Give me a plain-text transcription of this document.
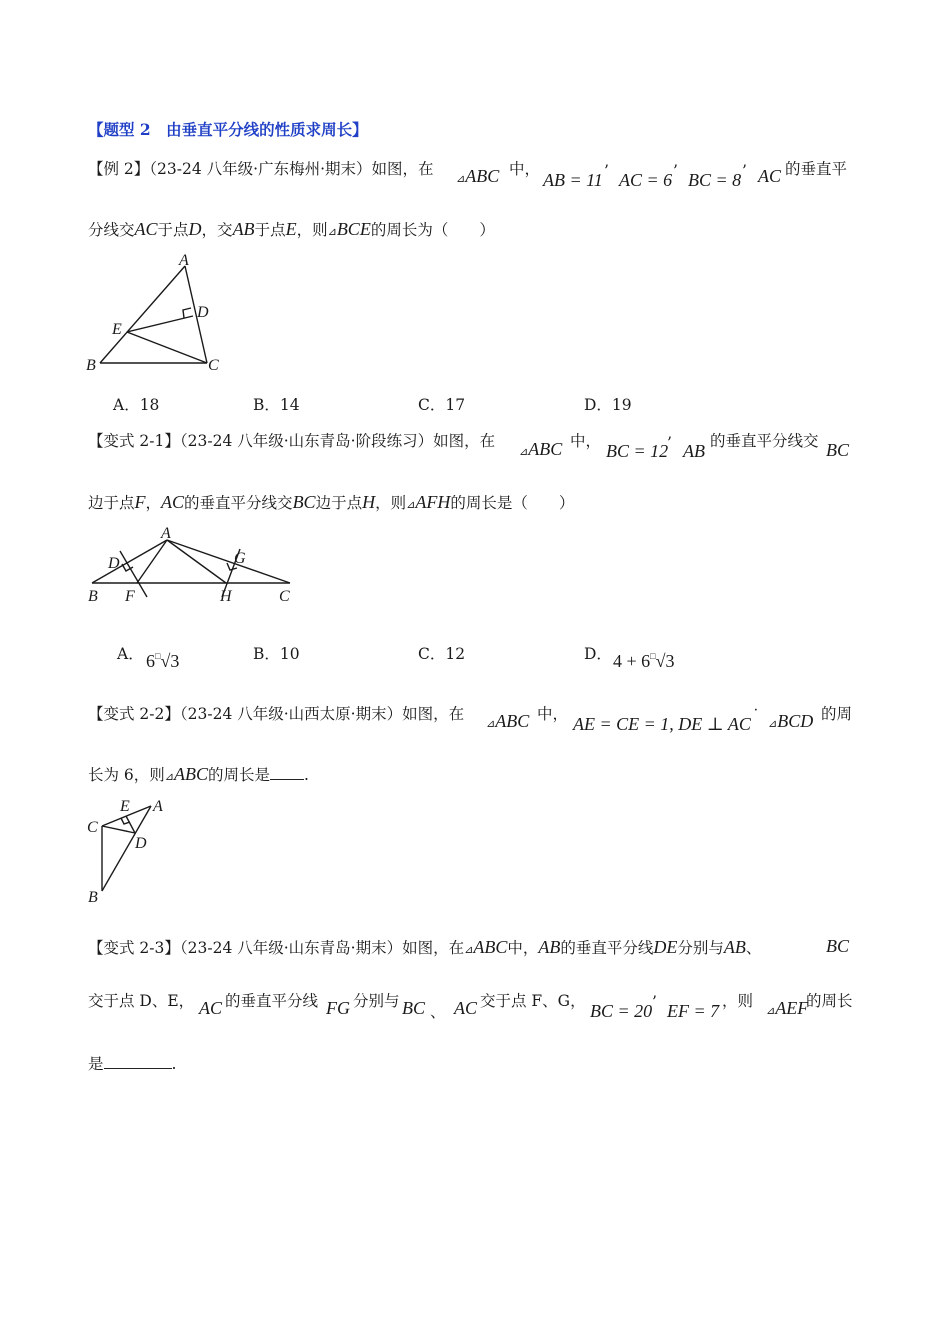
【题型 2　由垂直平分线的性质求周长】
【例 2】（23-24 八年级·广东梅州·期末）如图，在
⊿ABC 中，
AB = 11 ’ AC = 6 ’ BC = 8 ’ AC 的垂直平
分线交AC于点D，交AB于点E，则⊿BCE的周长为（　　）
A
D
E
B	C
A．18	B．14	C．17	D．19
【变式 2-1】（23-24 八年级·山东青岛·阶段练习）如图，在
⊿ABC 中， BC = 12
’ AB 的垂直平分线交 BC
边于点F，AC的垂直平分线交BC边于点H，则⊿AFH的周长是（　　）
A
D	G
B F	H	C
A． 6□√3	B．10	C．12	D． 4 + 6□√3
【变式 2-2】（23-24 八年级·山西太原·期末）如图，在
⊿ABC 中， AE = CE = 1, DE ⊥ AC ˙ ⊿BCD 的周
长为 6，则⊿ABC的周长是 .
E A
C
D
B
【变式 2-3】（23-24 八年级·山东青岛·期末）如图，在⊿ABC中，AB的垂直平分线DE分别与AB、	BC
交于点 D、E， AC 的垂直平分线 FG 分别与 BC 、 AC 交于点 F、G， BC = 20 ’ EF = 7 ，则
⊿AEF
的周长
是	.
